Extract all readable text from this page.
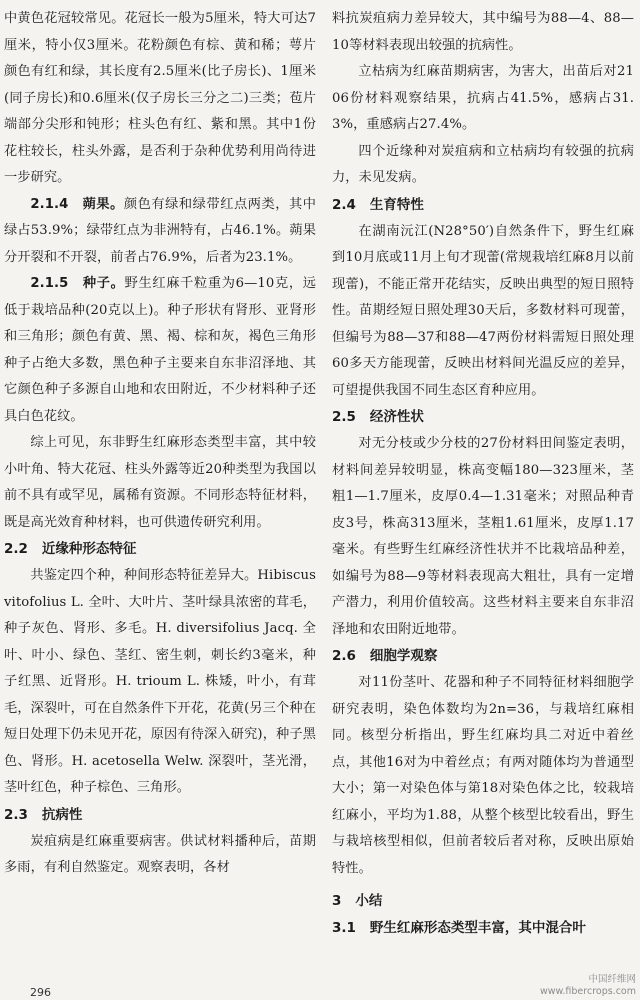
中黄色花冠较常见。花冠长一般为5厘米，特大可达7厘米，特小仅3厘米。花粉颜色有棕、黄和稀；萼片颜色有红和绿，其长度有2.5厘米(比子房长)、1厘米(同子房长)和0.6厘米(仅子房长三分之二)三类；苞片端部分尖形和钝形；柱头色有红、紫和黑。其中1份花柱较长，柱头外露，是否利于杂种优势利用尚待进一步研究。

2.1.4　蒴果。颜色有绿和绿带红点两类，其中绿占53.9%；绿带红点为非洲特有，占46.1%。蒴果分开裂和不开裂，前者占76.9%，后者为23.1%。

2.1.5　种子。野生红麻千粒重为6—10克，远低于栽培品种(20克以上)。种子形状有肾形、亚肾形和三角形；颜色有黄、黑、褐、棕和灰，褐色三角形种子占绝大多数，黑色种子主要来自东非沼泽地、其它颜色种子多源自山地和农田附近，不少材料种子还具白色花纹。

综上可见，东非野生红麻形态类型丰富，其中较小叶角、特大花冠、柱头外露等近20种类型为我国以前不具有或罕见，属稀有资源。不同形态特征材料，既是高光效育种材料，也可供遗传研究利用。

2.2 近缘种形态特征

共鉴定四个种，种间形态特征差异大。Hibiscus vitofolius L. 全叶、大叶片、茎叶绿具浓密的茸毛，种子灰色、肾形、多毛。H. diversifolius Jacq. 全叶、叶小、绿色、茎红、密生刺，刺长约3毫米，种子红黑、近肾形。H. trioum L. 株矮，叶小，有茸毛，深裂叶，可在自然条件下开花，花黄(另三个种在短日处理下仍未见开花，原因有待深入研究)，种子黑色、肾形。H. acetosella Welw. 深裂叶，茎光滑，茎叶红色，种子棕色、三角形。

2.3 抗病性

炭疽病是红麻重要病害。供试材料播种后，苗期多雨，有利自然鉴定。观察表明，各材

料抗炭疽病力差异较大，其中编号为88—4、88—10等材料表现出较强的抗病性。

立枯病为红麻苗期病害，为害大，出苗后对2106份材料观察结果，抗病占41.5%，感病占31.3%，重感病占27.4%。

四个近缘种对炭疽病和立枯病均有较强的抗病力，未见发病。

2.4 生育特性

在湖南沅江(N28°50′)自然条件下，野生红麻到10月底或11月上旬才现蕾(常规栽培红麻8月以前现蕾)，不能正常开花结实，反映出典型的短日照特性。苗期经短日照处理30天后，多数材料可现蕾，但编号为88—37和88—47两份材料需短日照处理60多天方能现蕾，反映出材料间光温反应的差异，可望提供我国不同生态区育种应用。

2.5 经济性状

对无分枝或少分枝的27份材料田间鉴定表明，材料间差异较明显，株高变幅180—323厘米，茎粗1—1.7厘米，皮厚0.4—1.31毫米；对照品种青皮3号，株高313厘米，茎粗1.61厘米，皮厚1.17毫米。有些野生红麻经济性状并不比栽培品种差，如编号为88—9等材料表现高大粗壮，具有一定增产潜力，利用价值较高。这些材料主要来自东非沼泽地和农田附近地带。

2.6 细胞学观察

对11份茎叶、花器和种子不同特征材料细胞学研究表明，染色体数均为2n=36，与栽培红麻相同。核型分析指出，野生红麻均具二对近中着丝点，其他16对为中着丝点；有两对随体均为普通型大小；第一对染色体与第18对染色体之比，较栽培红麻小，平均为1.88，从整个核型比较看出，野生与栽培核型相似，但前者较后者对称，反映出原始特性。

3 小结
3.1 野生红麻形态类型丰富，其中混合叶
296
中国纤维网
www.fibercrops.com
